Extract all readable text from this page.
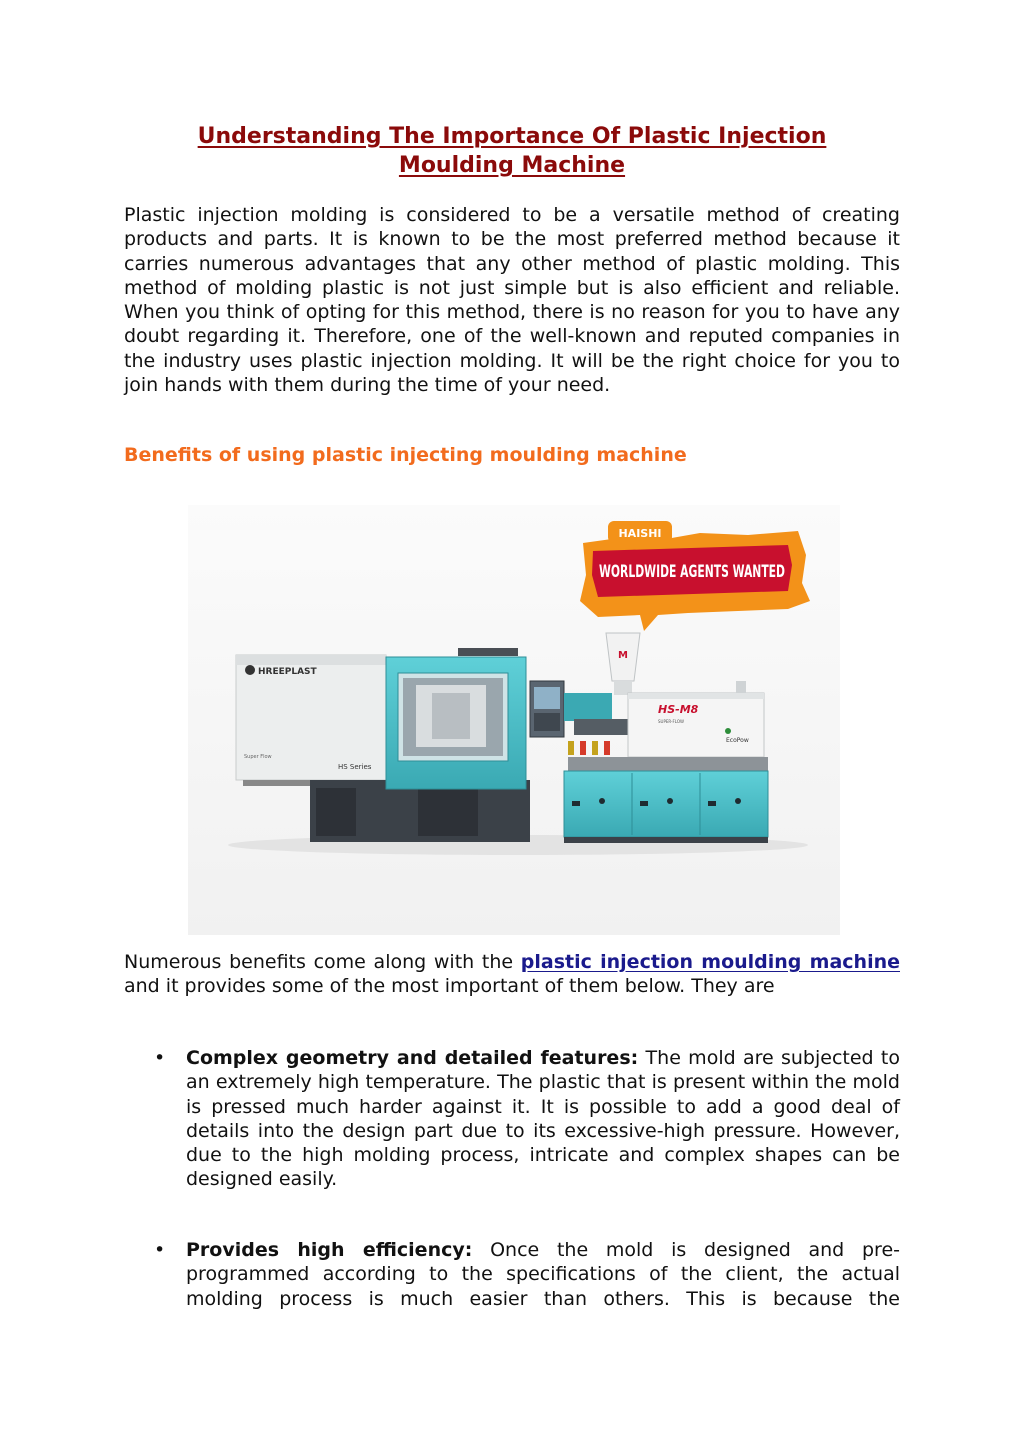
Understanding The Importance Of Plastic Injection
Moulding Machine

Plastic injection molding is considered to be a versatile method of creating products and parts. It is known to be the most preferred method because it carries numerous advantages that any other method of plastic molding. This method of molding plastic is not just simple but is also efficient and reliable. When you think of opting for this method, there is no reason for you to have any doubt regarding it. Therefore, one of the well-known and reputed companies in the industry uses plastic injection molding. It will be the right choice for you to join hands with them during the time of your need.

Benefits of using plastic injecting moulding machine

HAISHI
WORLDWIDE AGENTS WANTED
HREEPLAST
Super Flow
HS Series
M
HS-M8
SUPER-FLOW
EcoPow

Numerous benefits come along with the plastic injection moulding machine and it provides some of the most important of them below. They are

• Complex geometry and detailed features: The mold are subjected to an extremely high temperature. The plastic that is present within the mold is pressed much harder against it. It is possible to add a good deal of details into the design part due to its excessive-high pressure. However, due to the high molding process, intricate and complex shapes can be designed easily.

• Provides high efficiency: Once the mold is designed and pre-programmed according to the specifications of the client, the actual molding process is much easier than others. This is because the
